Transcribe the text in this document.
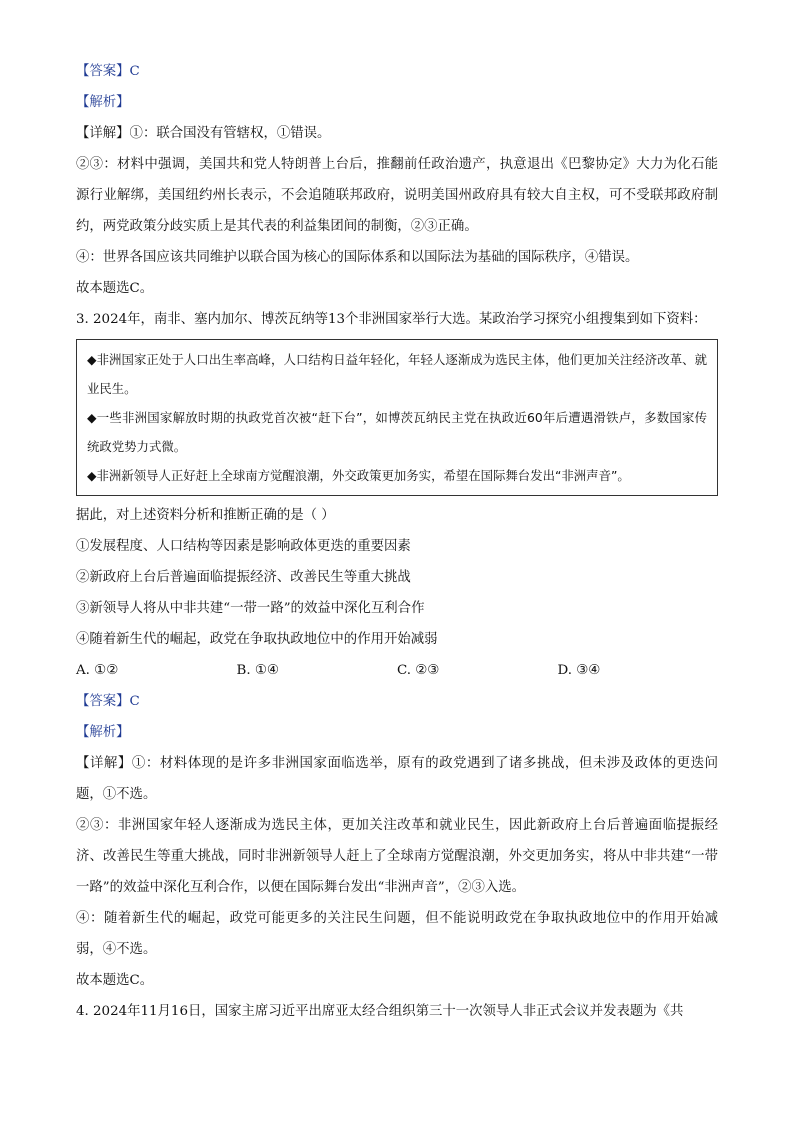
【答案】C
【解析】
【详解】①：联合国没有管辖权，①错误。
②③：材料中强调，美国共和党人特朗普上台后，推翻前任政治遗产，执意退出《巴黎协定》大力为化石能源行业解绑，美国纽约州长表示，不会追随联邦政府，说明美国州政府具有较大自主权，可不受联邦政府制约，两党政策分歧实质上是其代表的利益集团间的制衡，②③正确。
④：世界各国应该共同维护以联合国为核心的国际体系和以国际法为基础的国际秩序，④错误。
故本题选C。
3. 2024年，南非、塞内加尔、博茨瓦纳等13个非洲国家举行大选。某政治学习探究小组搜集到如下资料：
◆非洲国家正处于人口出生率高峰，人口结构日益年轻化，年轻人逐渐成为选民主体，他们更加关注经济改革、就业民生。
◆一些非洲国家解放时期的执政党首次被“赶下台”，如博茨瓦纳民主党在执政近60年后遭遇滑铁卢，多数国家传统政党势力式微。
◆非洲新领导人正好赶上全球南方觉醒浪潮，外交政策更加务实，希望在国际舞台发出“非洲声音”。
据此，对上述资料分析和推断正确的是（ ）
①发展程度、人口结构等因素是影响政体更迭的重要因素
②新政府上台后普遍面临提振经济、改善民生等重大挑战
③新领导人将从中非共建“一带一路”的效益中深化互利合作
④随着新生代的崛起，政党在争取执政地位中的作用开始减弱
A. ①②	B. ①④	C. ②③	D. ③④
【答案】C
【解析】
【详解】①：材料体现的是许多非洲国家面临选举，原有的政党遇到了诸多挑战，但未涉及政体的更迭问题，①不选。
②③：非洲国家年轻人逐渐成为选民主体，更加关注改革和就业民生，因此新政府上台后普遍面临提振经济、改善民生等重大挑战，同时非洲新领导人赶上了全球南方觉醒浪潮，外交更加务实，将从中非共建“一带一路”的效益中深化互利合作，以便在国际舞台发出“非洲声音”，②③入选。
④：随着新生代的崛起，政党可能更多的关注民生问题，但不能说明政党在争取执政地位中的作用开始减弱，④不选。
故本题选C。
4. 2024年11月16日，国家主席习近平出席亚太经合组织第三十一次领导人非正式会议并发表题为《共
